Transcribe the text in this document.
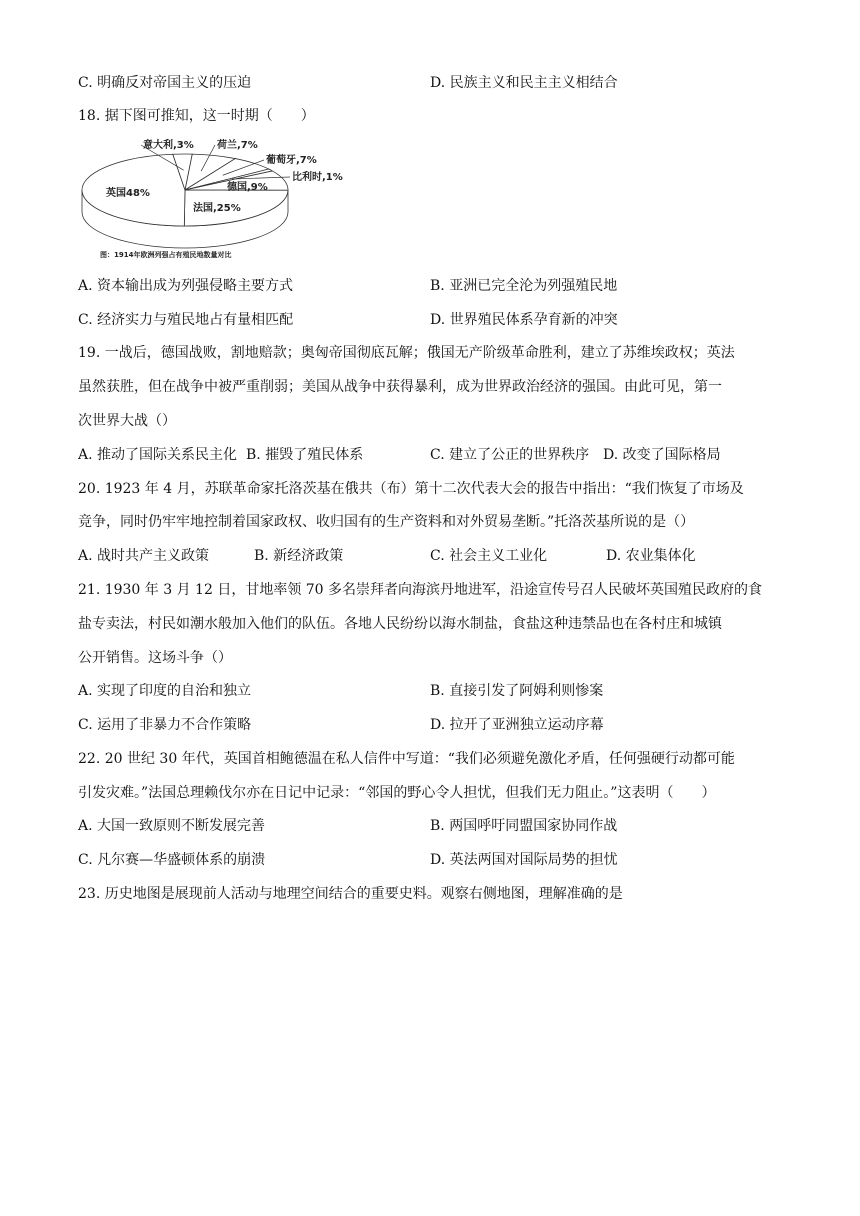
C. 明确反对帝国主义的压迫	D. 民族主义和民主主义相结合
18. 据下图可推知，这一时期（　　）
英国48%
法国,25%
德国,9%
比利时,1%
葡萄牙,7%
荷兰,7%
意大利,3%
图：1914年欧洲列强占有殖民地数量对比
A. 资本输出成为列强侵略主要方式	B. 亚洲已完全沦为列强殖民地
C. 经济实力与殖民地占有量相匹配	D. 世界殖民体系孕育新的冲突
19. 一战后，德国战败，割地赔款；奥匈帝国彻底瓦解；俄国无产阶级革命胜利，建立了苏维埃政权；英法
虽然获胜，但在战争中被严重削弱；美国从战争中获得暴利，成为世界政治经济的强国。由此可见，第一
次世界大战（）
A. 推动了国际关系民主化 B. 摧毁了殖民体系	C. 建立了公正的世界秩序 D. 改变了国际格局
20. 1923 年 4 月，苏联革命家托洛茨基在俄共（布）第十二次代表大会的报告中指出：“我们恢复了市场及
竞争，同时仍牢牢地控制着国家政权、收归国有的生产资料和对外贸易垄断。”托洛茨基所说的是（）
A. 战时共产主义政策	B. 新经济政策	C. 社会主义工业化	D. 农业集体化
21. 1930 年 3 月 12 日，甘地率领 70 多名崇拜者向海滨丹地进军，沿途宣传号召人民破坏英国殖民政府的食
盐专卖法，村民如潮水般加入他们的队伍。各地人民纷纷以海水制盐，食盐这种违禁品也在各村庄和城镇
公开销售。这场斗争（）
A. 实现了印度的自治和独立	B. 直接引发了阿姆利则惨案
C. 运用了非暴力不合作策略	D. 拉开了亚洲独立运动序幕
22. 20 世纪 30 年代，英国首相鲍德温在私人信件中写道：“我们必须避免激化矛盾，任何强硬行动都可能
引发灾难。”法国总理赖伐尔亦在日记中记录：“邻国的野心令人担忧，但我们无力阻止。”这表明（　　）
A. 大国一致原则不断发展完善	B. 两国呼吁同盟国家协同作战
C. 凡尔赛—华盛顿体系的崩溃	D. 英法两国对国际局势的担忧
23. 历史地图是展现前人活动与地理空间结合的重要史料。观察右侧地图，理解准确的是
